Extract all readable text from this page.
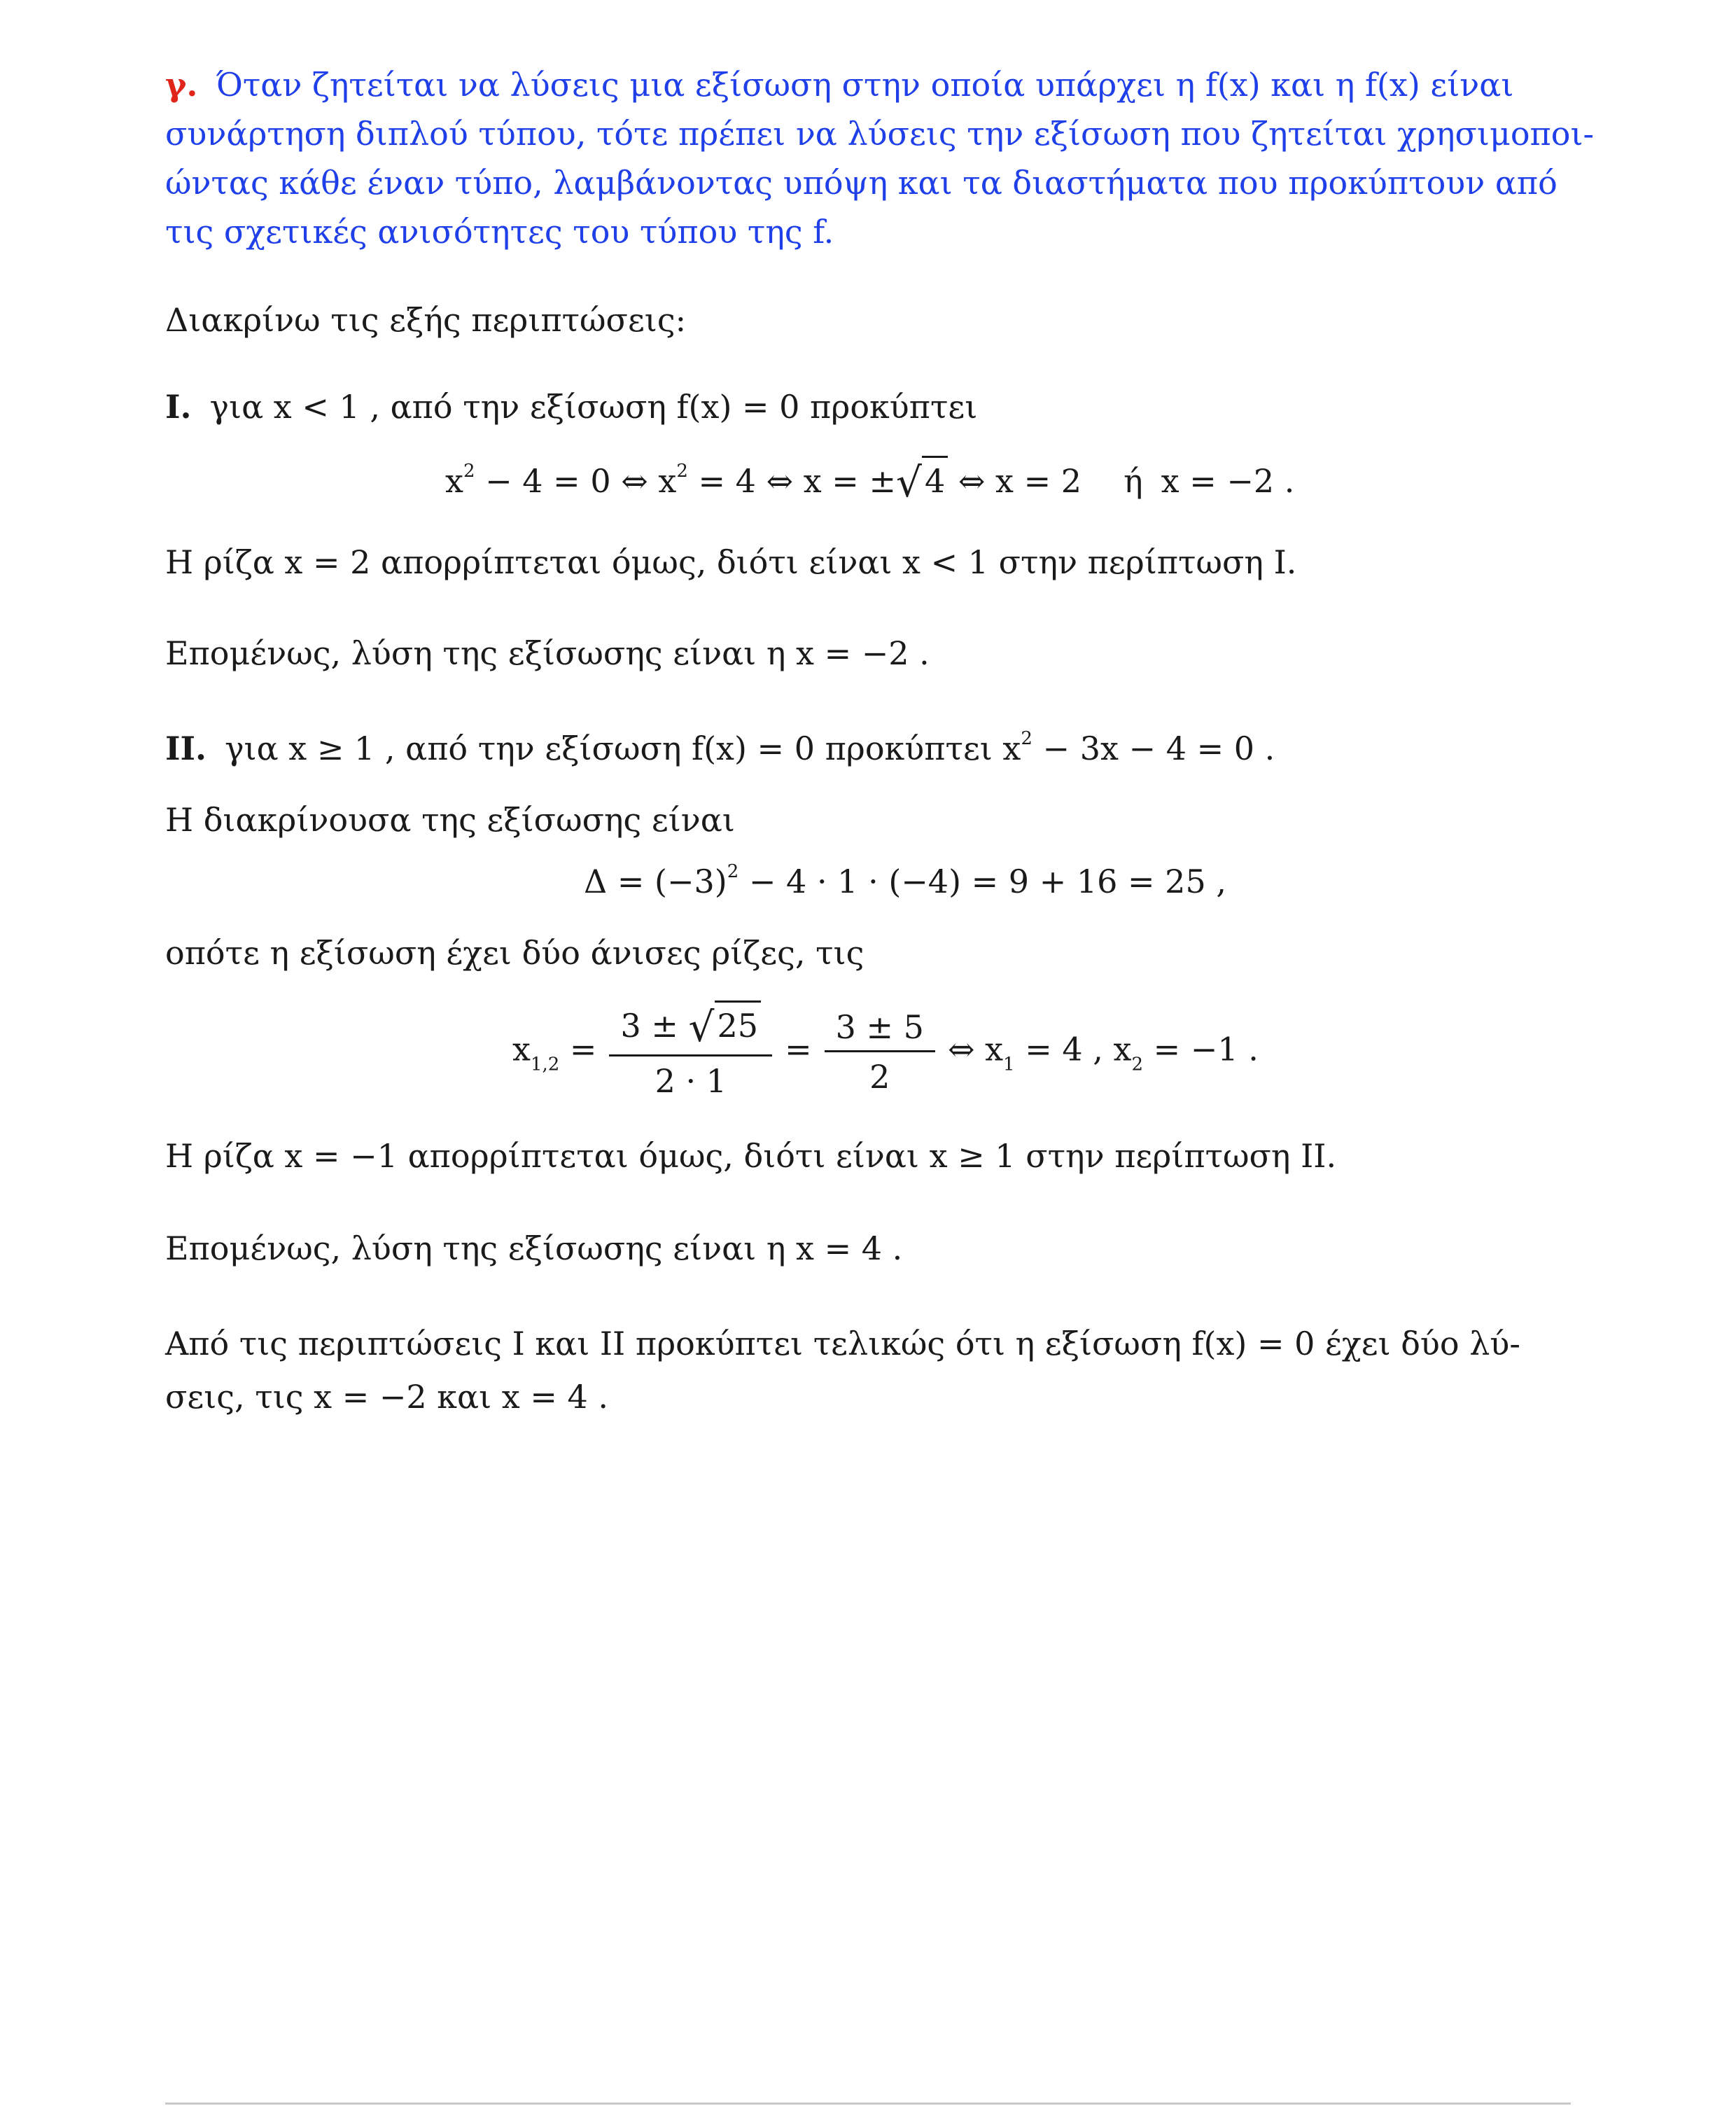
γ. Όταν ζητείται να λύσεις μια εξίσωση στην οποία υπάρχει η f(x) και η f(x) είναι
συνάρτηση διπλού τύπου, τότε πρέπει να λύσεις την εξίσωση που ζητείται χρησιμοποι-
ώντας κάθε έναν τύπο, λαμβάνοντας υπόψη και τα διαστήματα που προκύπτουν από
τις σχετικές ανισότητες του τύπου της f.
Διακρίνω τις εξής περιπτώσεις:
I. για x < 1 , από την εξίσωση f(x) = 0 προκύπτει
$x^2 - 4 = 0$ ⇔ $x^2 = 4$ ⇔ x = ±√4 ⇔ x = 2 ή x = −2 .
Η ρίζα x = 2 απορρίπτεται όμως, διότι είναι x < 1 στην περίπτωση I.
Επομένως, λύση της εξίσωσης είναι η x = −2 .
II. για x ≥ 1 , από την εξίσωση f(x) = 0 προκύπτει $x^2 - 3x - 4 = 0$ .
Η διακρίνουσα της εξίσωσης είναι
$\Delta = (-3)^2 - 4 \cdot 1 \cdot (-4) = 9 + 16 = 25$ ,
οπότε η εξίσωση έχει δύο άνισες ρίζες, τις
$x_{1,2} = \frac{3 \pm √25}{2 \cdot 1} = \frac{3 \pm 5}{2}$ ⇔ $x_1 = 4$ , $x_2 = -1$ .
Η ρίζα x = −1 απορρίπτεται όμως, διότι είναι x ≥ 1 στην περίπτωση II.
Επομένως, λύση της εξίσωσης είναι η x = 4 .
Από τις περιπτώσεις I και II προκύπτει τελικώς ότι η εξίσωση f(x) = 0 έχει δύο λύ-
σεις, τις x = −2 και x = 4 .
